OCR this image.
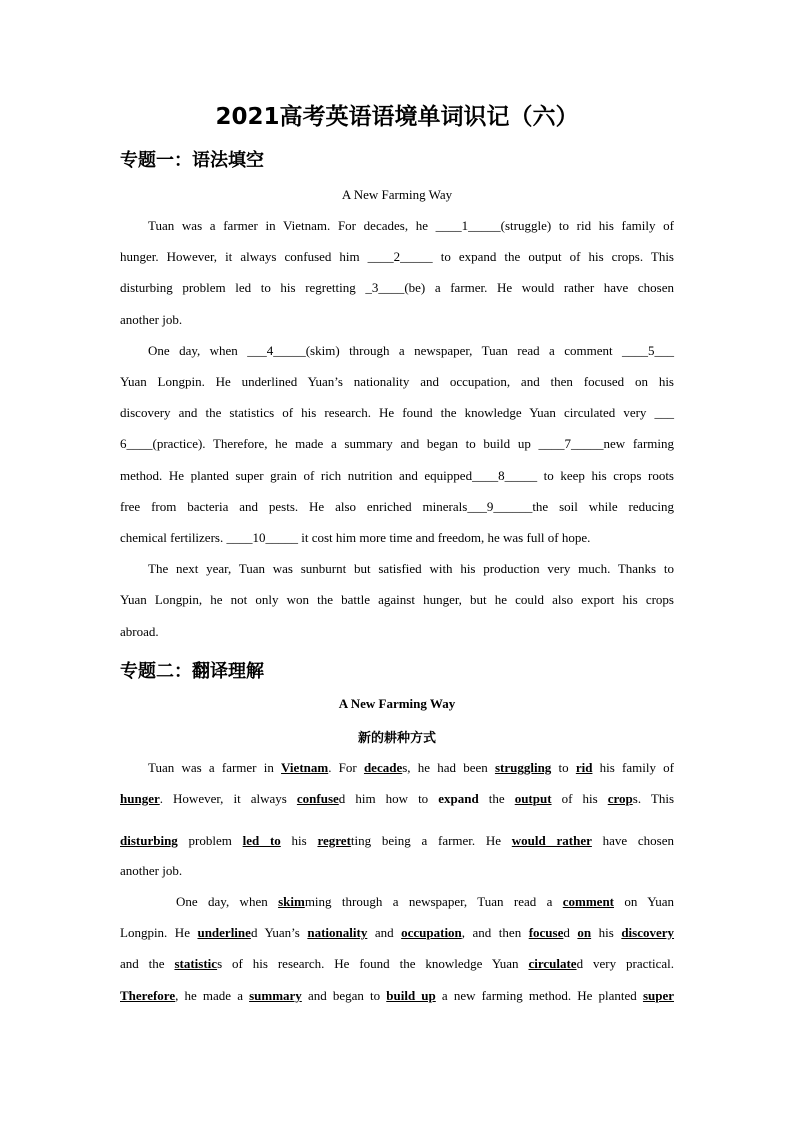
2021高考英语语境单词识记（六）
专题一：语法填空
A New Farming Way
Tuan was a farmer in Vietnam. For decades, he ____1_____(struggle) to rid his family of
hunger. However, it always confused him ____2_____ to expand the output of his crops. This
disturbing problem led to his regretting _3____(be) a farmer. He would rather have chosen
another job.
One day, when ___4_____(skim) through a newspaper, Tuan read a comment ____5___
Yuan Longpin. He underlined Yuan’s nationality and occupation, and then focused on his
discovery and the statistics of his research. He found the knowledge Yuan circulated very ___
6____(practice). Therefore, he made a summary and began to build up ____7_____new farming
method. He planted super grain of rich nutrition and equipped____8_____ to keep his crops roots
free from bacteria and pests. He also enriched minerals___9______the soil while reducing
chemical fertilizers. ____10_____ it cost him more time and freedom, he was full of hope.
The next year, Tuan was sunburnt but satisfied with his production very much. Thanks to
Yuan Longpin, he not only won the battle against hunger, but he could also export his crops
abroad.
专题二：翻译理解
A New Farming Way
新的耕种方式
Tuan was a farmer in Vietnam. For decades, he had been struggling to rid his family of
hunger. However, it always confused him how to expand the output of his crops. This
disturbing problem led to his regretting being a farmer. He would rather have chosen
another job.
One day, when skimming through a newspaper, Tuan read a comment on Yuan
Longpin. He underlined Yuan’s nationality and occupation, and then focused on his discovery
and the statistics of his research. He found the knowledge Yuan circulated very practical.
Therefore, he made a summary and began to build up a new farming method. He planted super
